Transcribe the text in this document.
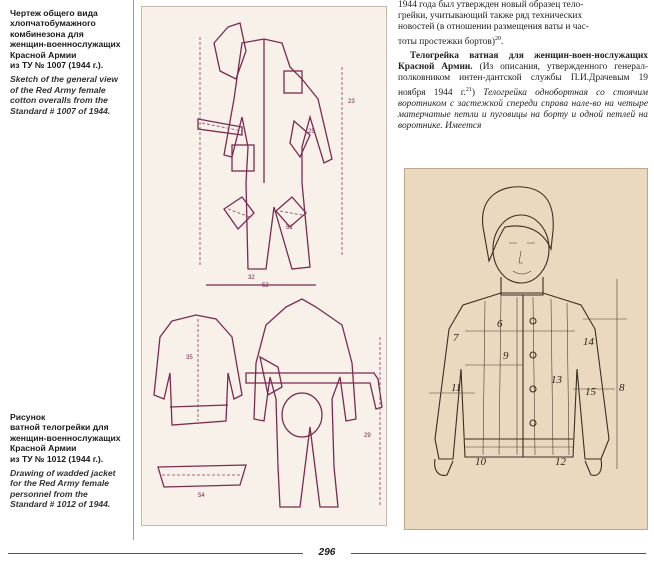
Чертеж общего вида
хлопчатобумажного
комбинезона для
женщин-военнослужащих
Красной Армии
из ТУ № 1007 (1944 г.).
Sketch of the general view
of the Red Army female
cotton overalls from the
Standard # 1007 of 1944.
Рисунок
ватной телогрейки для
женщин-военнослужащих
Красной Армии
из ТУ № 1012 (1944 г.).
Drawing of wadded jacket
for the Red Army female
personnel from the
Standard # 1012 of 1944.
25
32
51
23
29
35
54
52

1944 года был утвержден новый образец тело-
грейки, учитывающий также ряд технических
новостей (в отношении размещения ваты и час-
тоты простежки бортов)$^{20}$.

Телогрейка ватная для женщин-воен-нослужащих Красной Армии. (Из описания, утвержденного генерал-полковником интен-дантской службы П.И.Драчевым 19 ноября 1944 г.$^{21}$) Телогрейка однобортная со стоячим воротником с застежкой спереди справа нале-во на четыре матерчатые петли и пуговицы на борту и одной петлей на воротнике. Имеется

6
9
11
10	12
14
15 8
7
13
296
